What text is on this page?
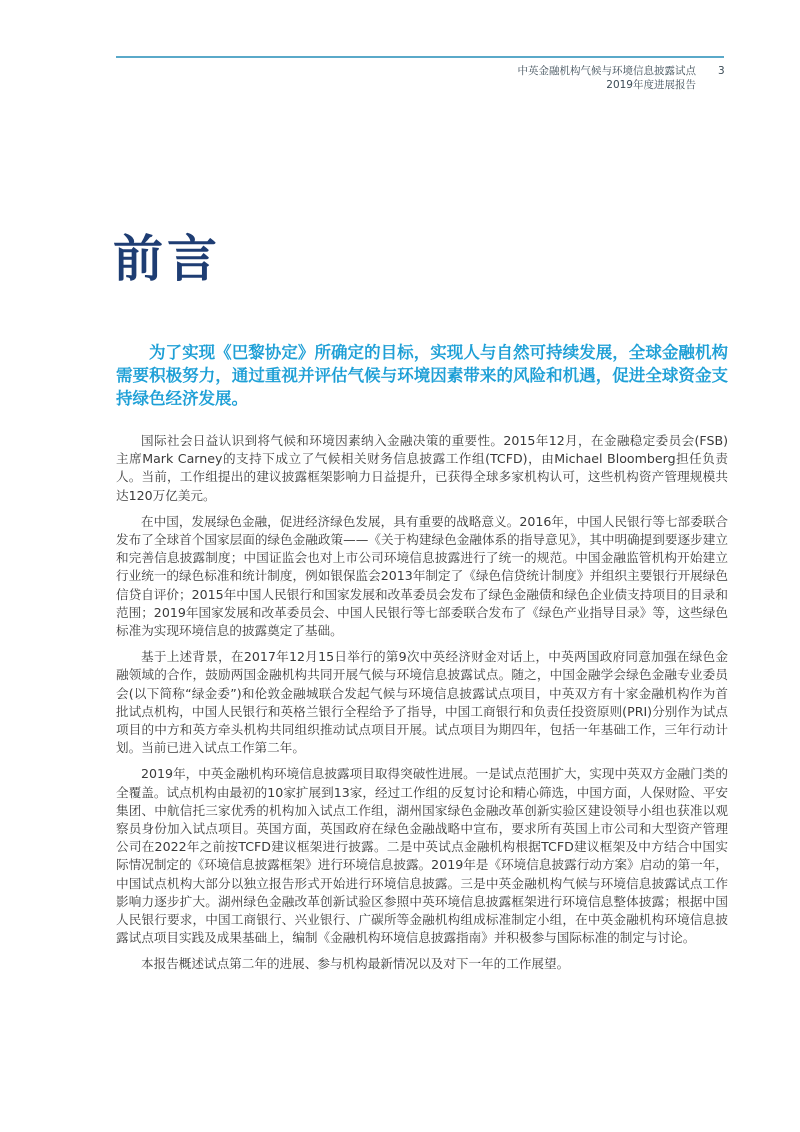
中英金融机构气候与环境信息披露试点
2019年度进展报告
3
前言

为了实现《巴黎协定》所确定的目标，实现人与自然可持续发展，全球金融机构需要积极努力，通过重视并评估气候与环境因素带来的风险和机遇，促进全球资金支持绿色经济发展。

国际社会日益认识到将气候和环境因素纳入金融决策的重要性。2015年12月，在金融稳定委员会(FSB) 主席Mark Carney的支持下成立了气候相关财务信息披露工作组(TCFD)，由Michael Bloomberg担任负责人。当前，工作组提出的建议披露框架影响力日益提升，已获得全球多家机构认可，这些机构资产管理规模共达120万亿美元。

在中国，发展绿色金融，促进经济绿色发展，具有重要的战略意义。2016年，中国人民银行等七部委联合发布了全球首个国家层面的绿色金融政策——《关于构建绿色金融体系的指导意见》，其中明确提到要逐步建立和完善信息披露制度；中国证监会也对上市公司环境信息披露进行了统一的规范。中国金融监管机构开始建立行业统一的绿色标准和统计制度，例如银保监会2013年制定了《绿色信贷统计制度》并组织主要银行开展绿色信贷自评价；2015年中国人民银行和国家发展和改革委员会发布了绿色金融债和绿色企业债支持项目的目录和范围；2019年国家发展和改革委员会、中国人民银行等七部委联合发布了《绿色产业指导目录》等，这些绿色标准为实现环境信息的披露奠定了基础。

基于上述背景，在2017年12月15日举行的第9次中英经济财金对话上，中英两国政府同意加强在绿色金融领域的合作，鼓励两国金融机构共同开展气候与环境信息披露试点。随之，中国金融学会绿色金融专业委员会(以下简称“绿金委”)和伦敦金融城联合发起气候与环境信息披露试点项目，中英双方有十家金融机构作为首批试点机构，中国人民银行和英格兰银行全程给予了指导，中国工商银行和负责任投资原则(PRI)分别作为试点项目的中方和英方牵头机构共同组织推动试点项目开展。试点项目为期四年，包括一年基础工作，三年行动计划。当前已进入试点工作第二年。

2019年，中英金融机构环境信息披露项目取得突破性进展。一是试点范围扩大，实现中英双方金融门类的全覆盖。试点机构由最初的10家扩展到13家，经过工作组的反复讨论和精心筛选，中国方面，人保财险、平安集团、中航信托三家优秀的机构加入试点工作组，湖州国家绿色金融改革创新实验区建设领导小组也获准以观察员身份加入试点项目。英国方面，英国政府在绿色金融战略中宣布，要求所有英国上市公司和大型资产管理公司在2022年之前按TCFD建议框架进行披露。二是中英试点金融机构根据TCFD建议框架及中方结合中国实际情况制定的《环境信息披露框架》进行环境信息披露。2019年是《环境信息披露行动方案》启动的第一年，中国试点机构大部分以独立报告形式开始进行环境信息披露。三是中英金融机构气候与环境信息披露试点工作影响力逐步扩大。湖州绿色金融改革创新试验区参照中英环境信息披露框架进行环境信息整体披露；根据中国人民银行要求，中国工商银行、兴业银行、广碳所等金融机构组成标准制定小组，在中英金融机构环境信息披露试点项目实践及成果基础上，编制《金融机构环境信息披露指南》并积极参与国际标准的制定与讨论。

本报告概述试点第二年的进展、参与机构最新情况以及对下一年的工作展望。
